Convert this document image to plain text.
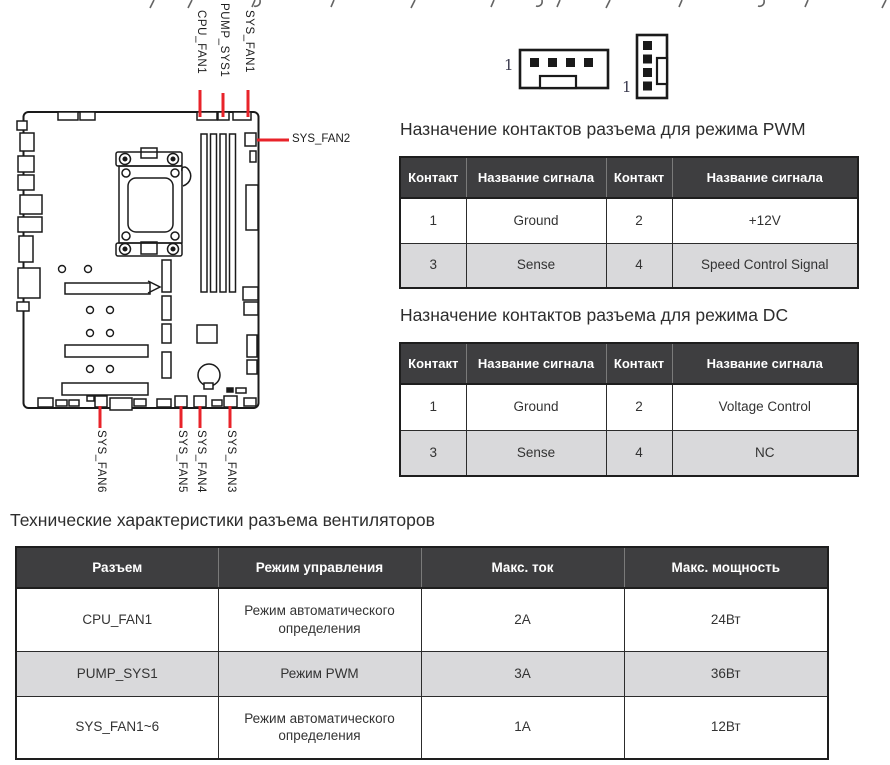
CPU_FAN1 PUMP_SYS1 SYS_FAN1
SYS_FAN2
SYS_FAN6	SYS_FAN5 SYS_FAN4 SYS_FAN3
1
1
Назначение контактов разъема для режима PWM
Контакт	Название сигнала	Контакт	Название сигнала
1	Ground	2	+12V
3	Sense	4	Speed Control Signal
Назначение контактов разъема для режима DC
Контакт	Название сигнала	Контакт	Название сигнала
1	Ground	2	Voltage Control
3	Sense	4	NC
Технические характеристики разъема вентиляторов
Разъем	Режим управления	Макс. ток	Макс. мощность
CPU_FAN1	Режим автоматического определения	2A	24Вт
PUMP_SYS1	Режим PWM	3A	36Вт
SYS_FAN1~6	Режим автоматического определения	1A	12Вт
